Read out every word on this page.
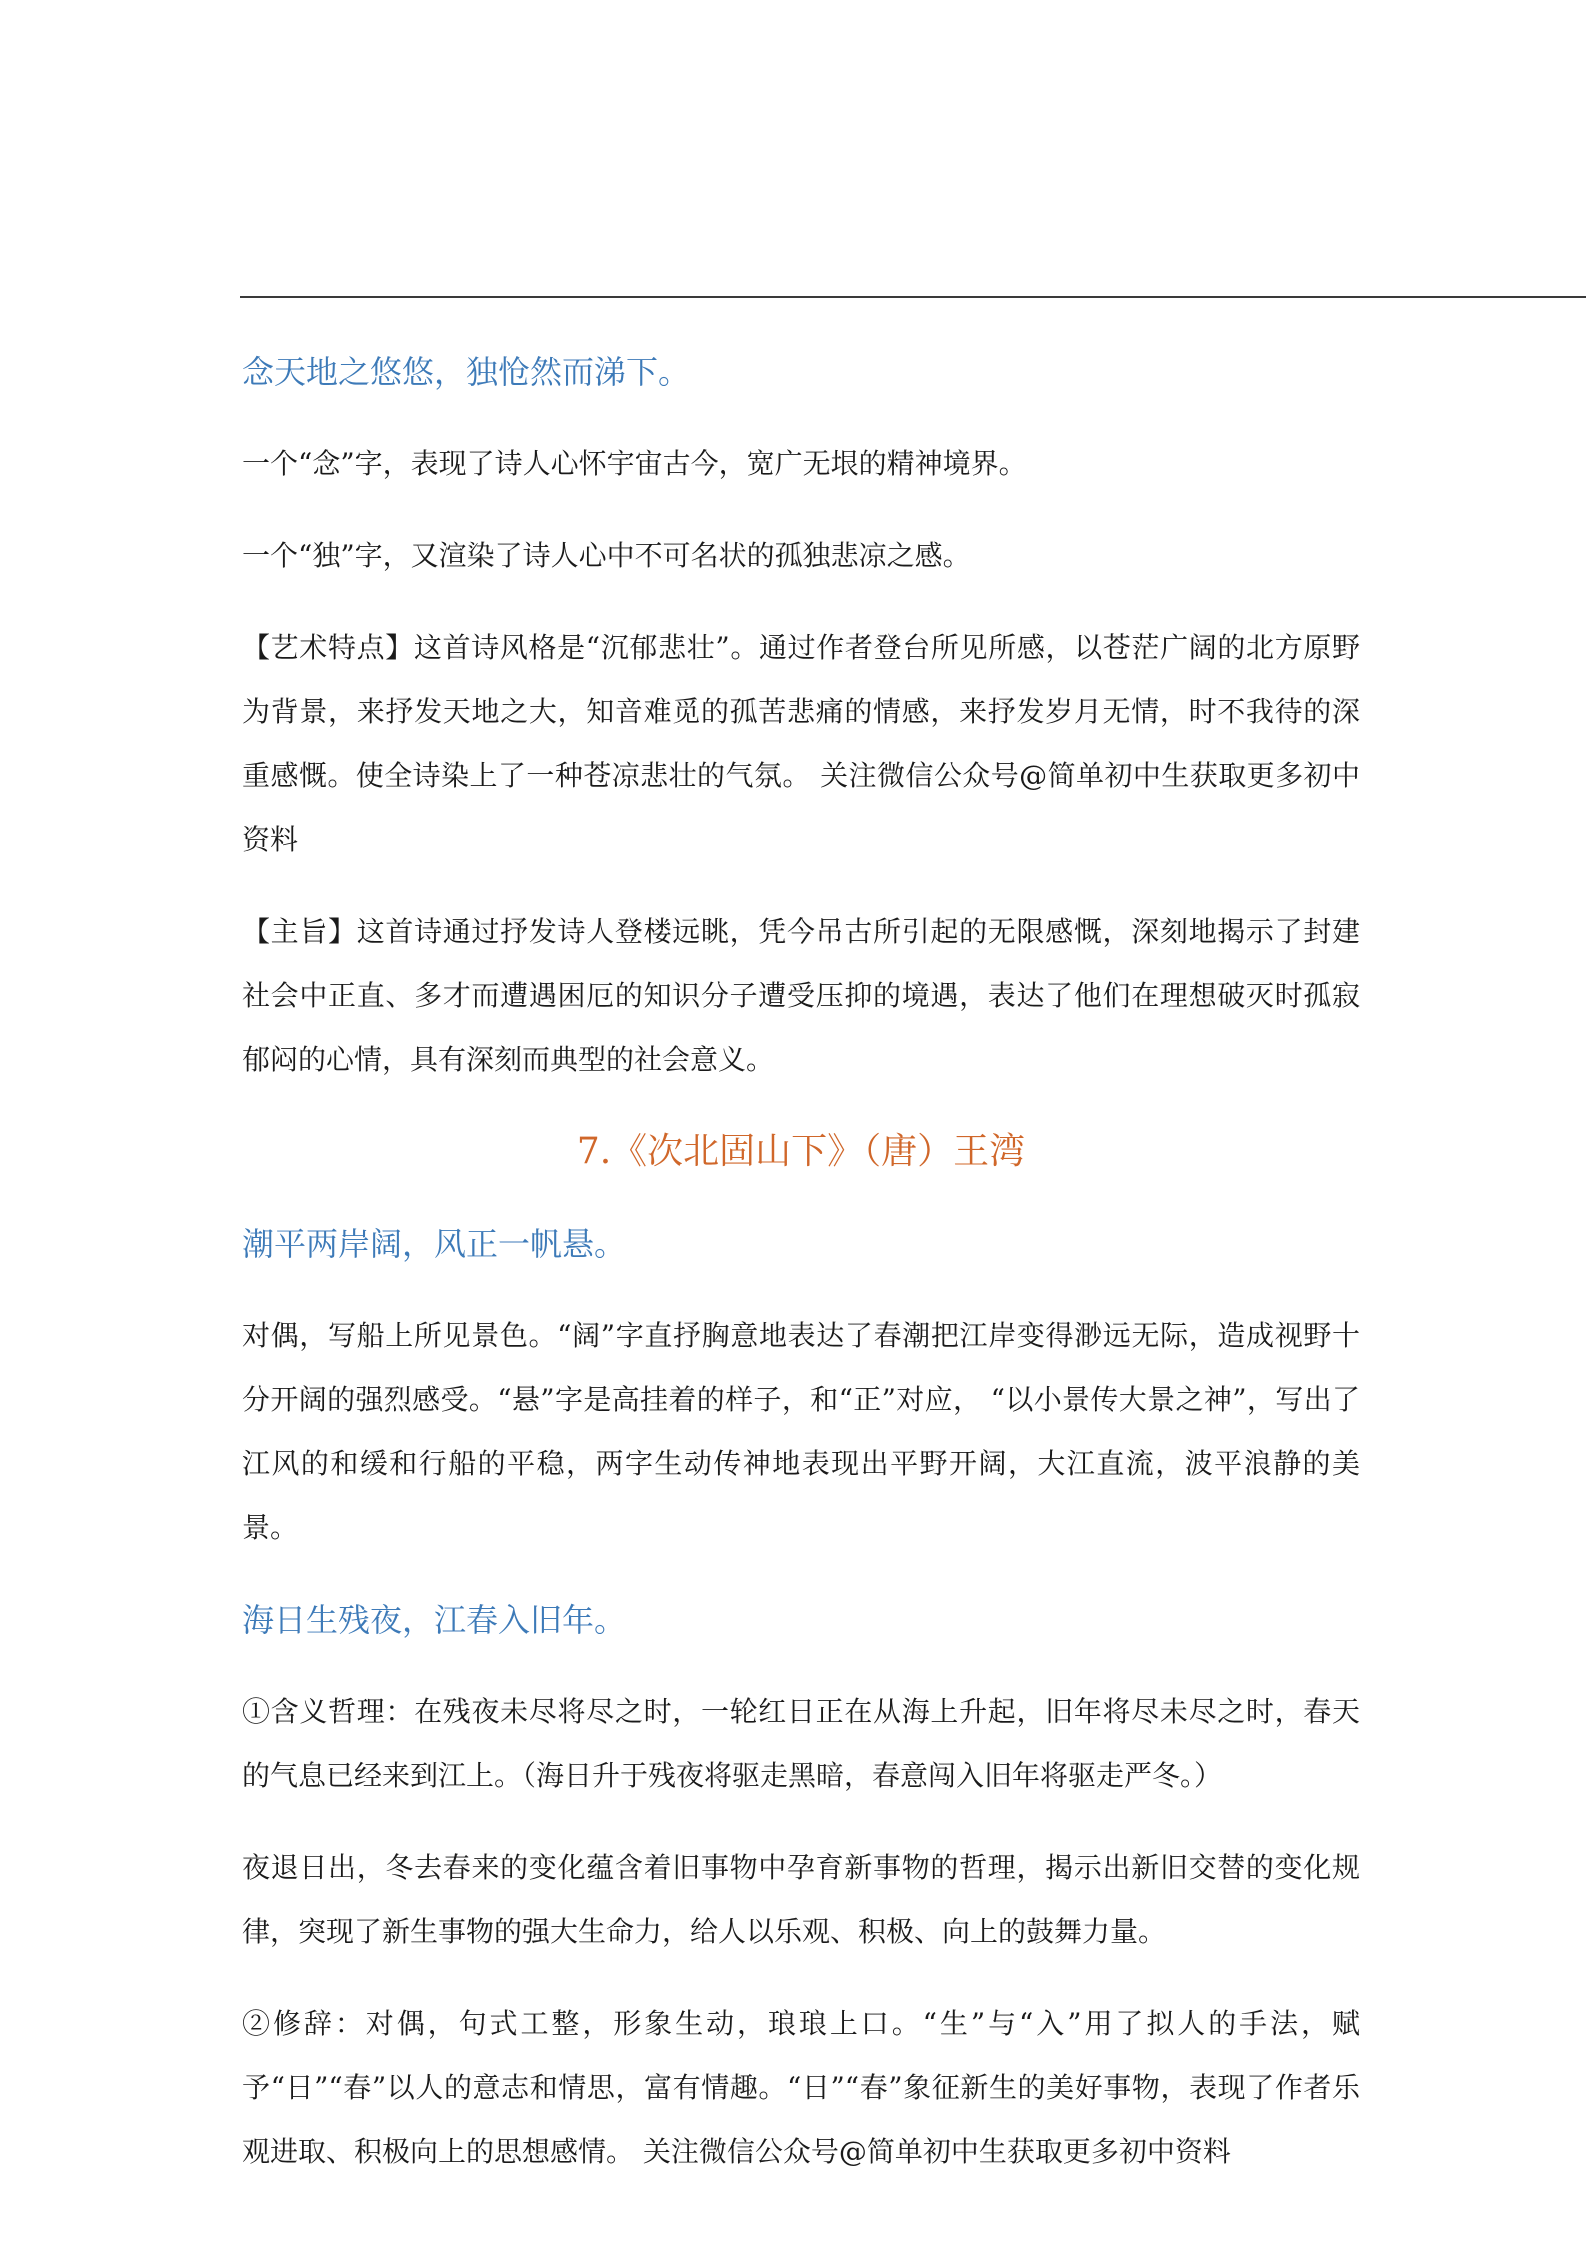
念天地之悠悠，独怆然而涕下。

一个“念”字，表现了诗人心怀宇宙古今，宽广无垠的精神境界。

一个“独”字，又渲染了诗人心中不可名状的孤独悲凉之感。

【艺术特点】这首诗风格是“沉郁悲壮”。通过作者登台所见所感，以苍茫广阔的北方原野为背景，来抒发天地之大，知音难觅的孤苦悲痛的情感，来抒发岁月无情，时不我待的深重感慨。使全诗染上了一种苍凉悲壮的气氛。 关注微信公众号@简单初中生获取更多初中资料

【主旨】这首诗通过抒发诗人登楼远眺，凭今吊古所引起的无限感慨，深刻地揭示了封建社会中正直、多才而遭遇困厄的知识分子遭受压抑的境遇，表达了他们在理想破灭时孤寂郁闷的心情，具有深刻而典型的社会意义。

7.《次北固山下》（唐）王湾

潮平两岸阔，风正一帆悬。

对偶，写船上所见景色。“阔”字直抒胸意地表达了春潮把江岸变得渺远无际，造成视野十分开阔的强烈感受。“悬”字是高挂着的样子，和“正”对应， “以小景传大景之神”，写出了江风的和缓和行船的平稳，两字生动传神地表现出平野开阔，大江直流，波平浪静的美景。

海日生残夜，江春入旧年。

①含义哲理：在残夜未尽将尽之时，一轮红日正在从海上升起，旧年将尽未尽之时，春天的气息已经来到江上。（海日升于残夜将驱走黑暗，春意闯入旧年将驱走严冬。）

夜退日出，冬去春来的变化蕴含着旧事物中孕育新事物的哲理，揭示出新旧交替的变化规律，突现了新生事物的强大生命力，给人以乐观、积极、向上的鼓舞力量。

②修辞：对偶，句式工整，形象生动，琅琅上口。“生”与“入”用了拟人的手法，赋予“日”“春”以人的意志和情思，富有情趣。“日”“春”象征新生的美好事物，表现了作者乐观进取、积极向上的思想感情。 关注微信公众号@简单初中生获取更多初中资料
